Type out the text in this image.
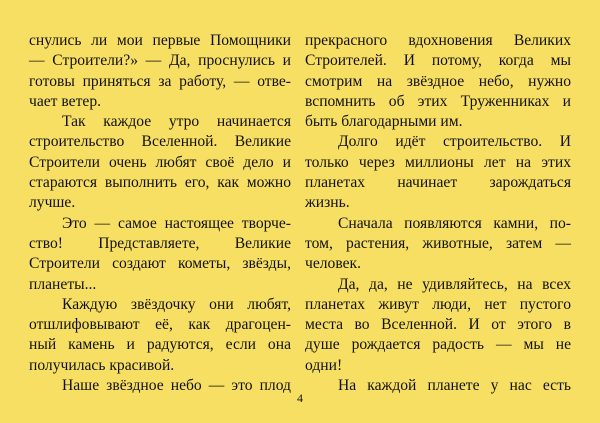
снулись ли мои первые Помощники
— Строители?» — Да, проснулись и
готовы приняться за работу, — отве-
чает ветер.
Так каждое утро начинается
строительство Вселенной. Великие
Строители очень любят своё дело и
стараются выполнить его, как можно
лучше.
Это — самое настоящее творче-
ство! Представляете, Великие
Строители создают кометы, звёзды,
планеты...
Каждую звёздочку они любят,
отшлифовывают её, как драгоцен-
ный камень и радуются, если она
получилась красивой.
Наше звёздное небо — это плод
прекрасного вдохновения Великих
Строителей. И потому, когда мы
смотрим на звёздное небо, нужно
вспомнить об этих Труженниках и
быть благодарными им.
Долго идёт строительство. И
только через миллионы лет на этих
планетах начинает зарождаться
жизнь.
Сначала появляются камни, по-
том, растения, животные, затем —
человек.
Да, да, не удивляйтесь, на всех
планетах живут люди, нет пустого
места во Вселенной. И от этого в
душе рождается радость — мы не
одни!
На каждой планете у нас есть
4
